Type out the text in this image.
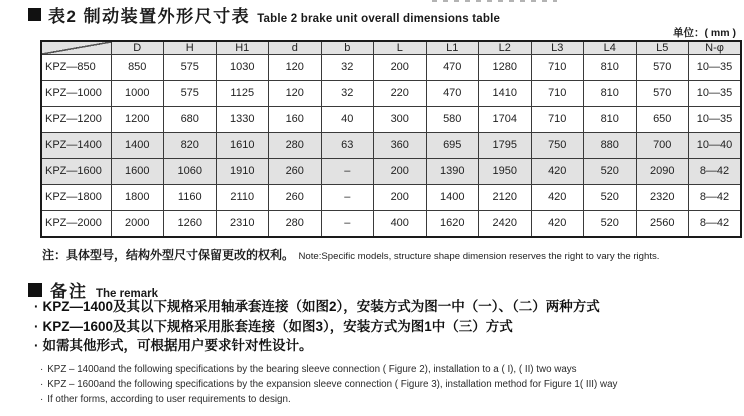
表2 制动装置外形尺寸表 Table 2 brake unit overall dimensions table
单位：( mm )
	D	H	H1	d	b	L	L1	L2	L3	L4	L5	N-φ
KPZ—850	850	575	1030	120	32	200	470	1280	710	810	570	10—35
KPZ—1000	1000	575	1125	120	32	220	470	1410	710	810	570	10—35
KPZ—1200	1200	680	1330	160	40	300	580	1704	710	810	650	10—35
KPZ—1400	1400	820	1610	280	63	360	695	1795	750	880	700	10—40
KPZ—1600	1600	1060	1910	260	–	200	1390	1950	420	520	2090	8—42
KPZ—1800	1800	1160	2110	260	–	200	1400	2120	420	520	2320	8—42
KPZ—2000	2000	1260	2310	280	–	400	1620	2420	420	520	2560	8—42
注：具体型号，结构外型尺寸保留更改的权利。 Note:Specific models, structure shape dimension reserves the right to vary the rights.
备注 The remark
· KPZ—1400及其以下规格采用轴承套连接（如图2），安装方式为图一中（一）、（二）两种方式
· KPZ—1600及其以下规格采用胀套连接（如图3），安装方式为图1中（三）方式
· 如需其他形式，可根据用户要求针对性设计。
· KPZ – 1400and the following specifications by the bearing sleeve connection ( Figure 2), installation to a ( I), ( II) two ways
· KPZ – 1600and the following specifications by the expansion sleeve connection ( Figure 3), installation method for Figure 1( III) way
· If other forms, according to user requirements to design.
